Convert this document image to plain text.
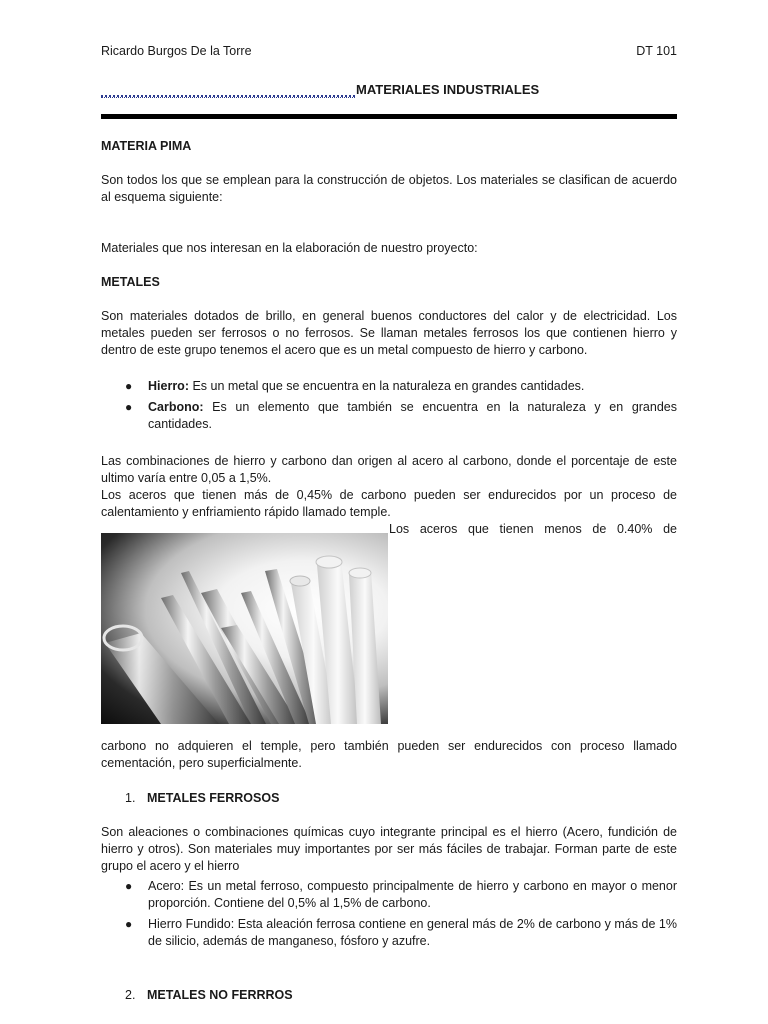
Ricardo Burgos De la Torre	DT 101
MATERIALES INDUSTRIALES
MATERIA PIMA
Son todos los que se emplean para la construcción de objetos. Los materiales se clasifican de acuerdo al esquema siguiente:
Materiales que nos interesan en la elaboración de nuestro proyecto:
METALES
Son materiales dotados de brillo, en general buenos conductores del calor y de electricidad. Los metales pueden ser ferrosos o no ferrosos. Se llaman metales ferrosos los que contienen hierro y dentro de este grupo tenemos el acero que es un metal compuesto de hierro y carbono.
● Hierro: Es un metal que se encuentra en la naturaleza en grandes cantidades.
● Carbono: Es un elemento que también se encuentra en la naturaleza y en grandes cantidades.
Las combinaciones de hierro y carbono dan origen al acero al carbono, donde el porcentaje de este ultimo varía entre 0,05 a 1,5%.
Los aceros que tienen más de 0,45% de carbono pueden ser endurecidos por un proceso de calentamiento y enfriamiento rápido llamado temple.
Los aceros que tienen menos de 0.40% de
carbono no adquieren el temple, pero también pueden ser endurecidos con proceso llamado cementación, pero superficialmente.
1. METALES FERROSOS
Son aleaciones o combinaciones químicas cuyo integrante principal es el hierro (Acero, fundición de hierro y otros). Son materiales muy importantes por ser más fáciles de trabajar. Forman parte de este grupo el acero y el hierro
● Acero: Es un metal ferroso, compuesto principalmente de hierro y carbono en mayor o menor proporción. Contiene del 0,5% al 1,5% de carbono.
● Hierro Fundido: Esta aleación ferrosa contiene en general más de 2% de carbono y más de 1% de silicio, además de manganeso, fósforo y azufre.
2. METALES NO FERRROS
